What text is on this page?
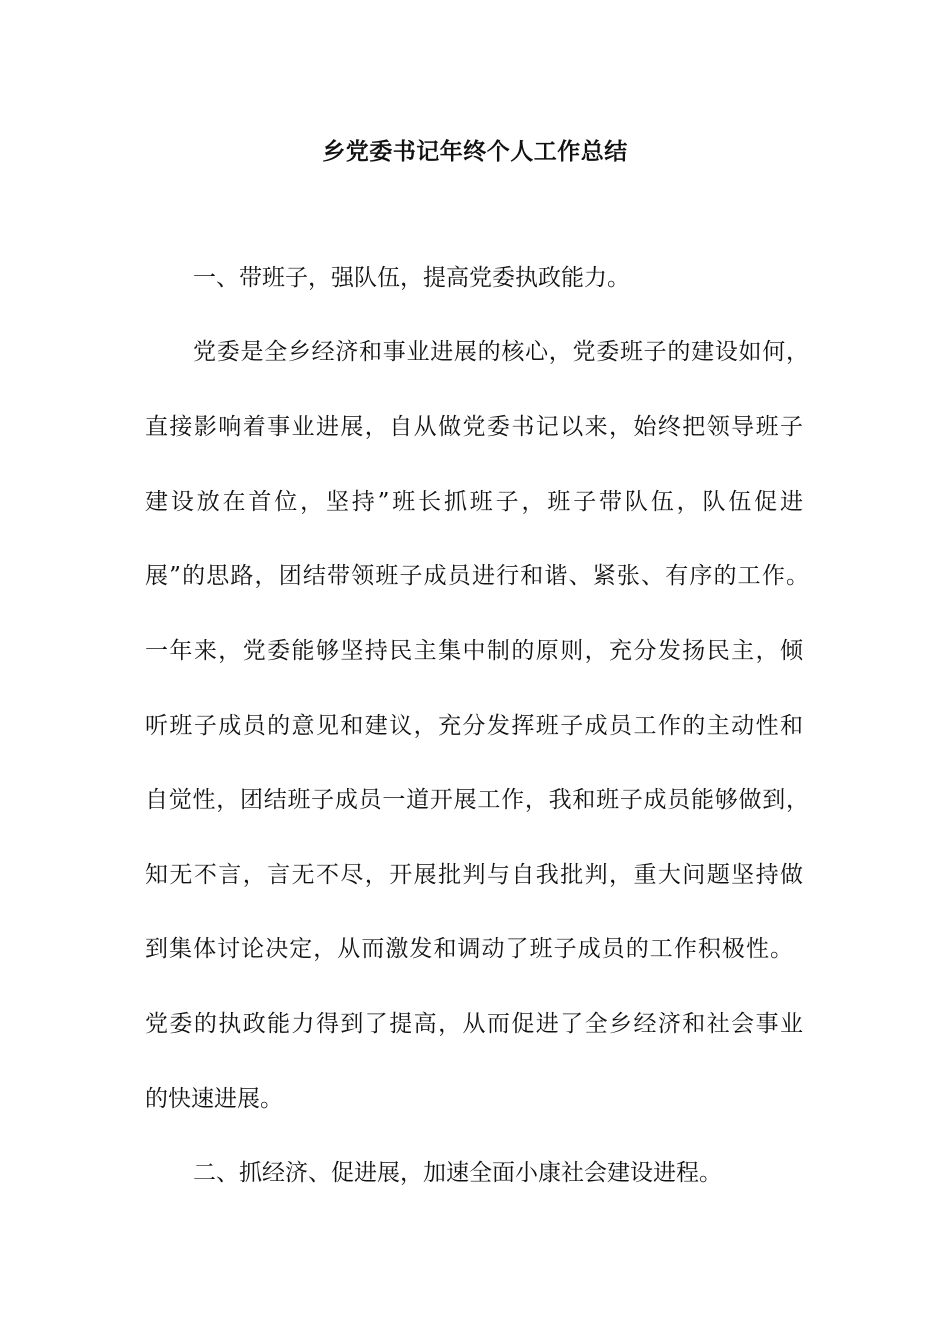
乡党委书记年终个人工作总结
一、带班子，强队伍，提高党委执政能力。
党委是全乡经济和事业进展的核心，党委班子的建设如何，
直接影响着事业进展，自从做党委书记以来，始终把领导班子
建设放在首位，坚持”班长抓班子，班子带队伍，队伍促进
展”的思路，团结带领班子成员进行和谐、紧张、有序的工作。
一年来，党委能够坚持民主集中制的原则，充分发扬民主，倾
听班子成员的意见和建议，充分发挥班子成员工作的主动性和
自觉性，团结班子成员一道开展工作，我和班子成员能够做到，
知无不言，言无不尽，开展批判与自我批判，重大问题坚持做
到集体讨论决定，从而激发和调动了班子成员的工作积极性。
党委的执政能力得到了提高，从而促进了全乡经济和社会事业
的快速进展。
二、抓经济、促进展，加速全面小康社会建设进程。
